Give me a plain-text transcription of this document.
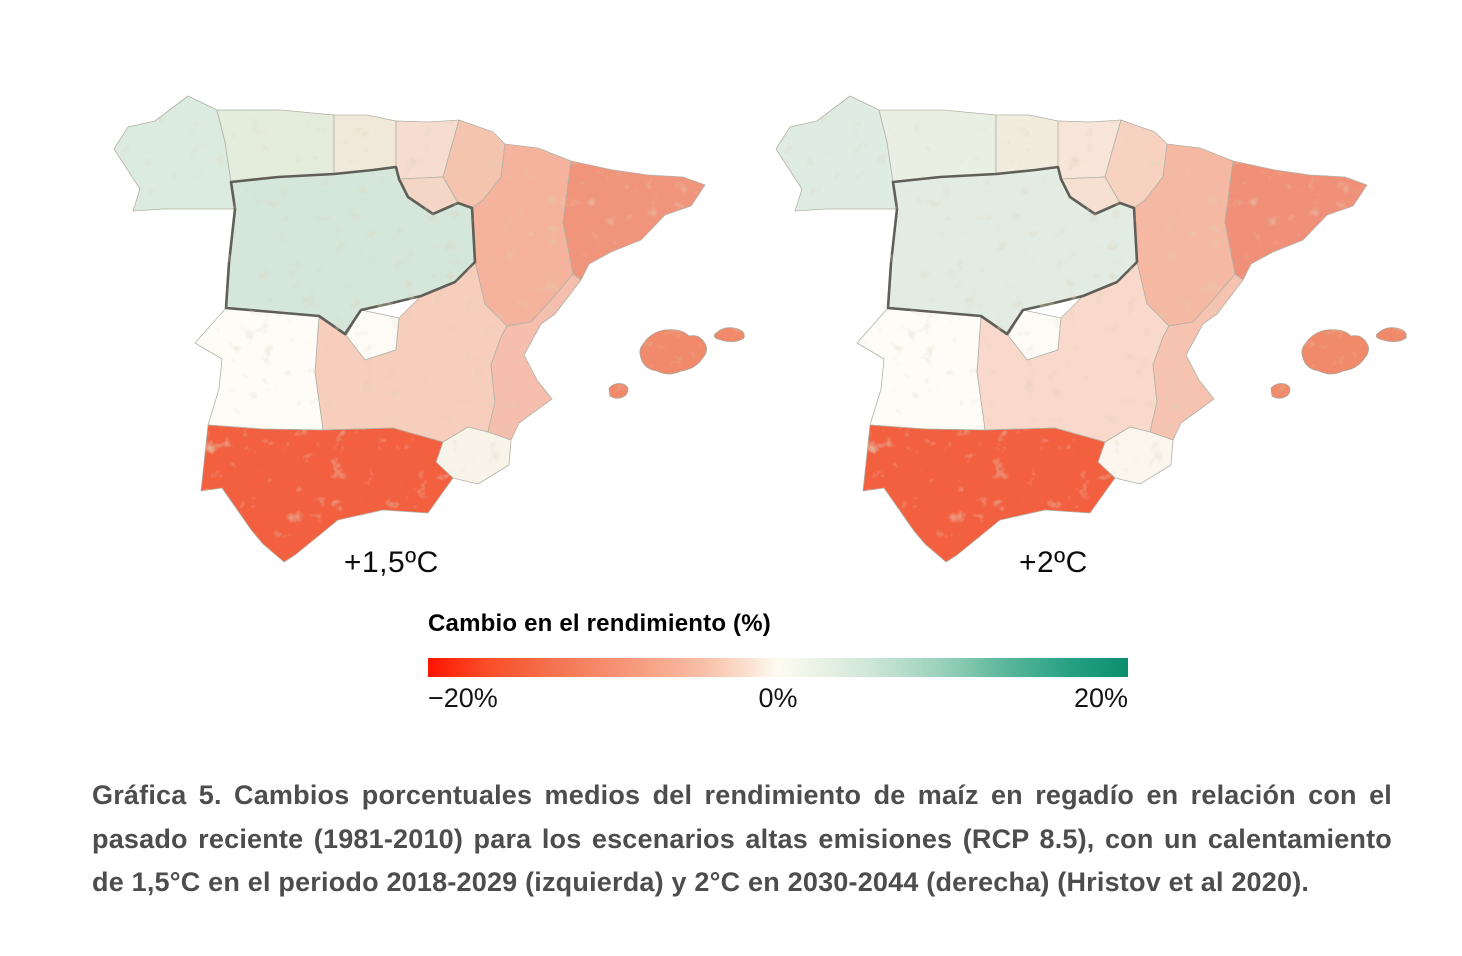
+1,5ºC	+2ºC
Cambio en el rendimiento (%)
−20%	0%	20%

Gráfica 5. Cambios porcentuales medios del rendimiento de maíz en regadío en relación con el pasado reciente (1981-2010) para los escenarios altas emisiones (RCP 8.5), con un calentamiento de 1,5°C en el periodo 2018-2029 (izquierda) y 2°C en 2030-2044 (derecha) (Hristov et al 2020).
